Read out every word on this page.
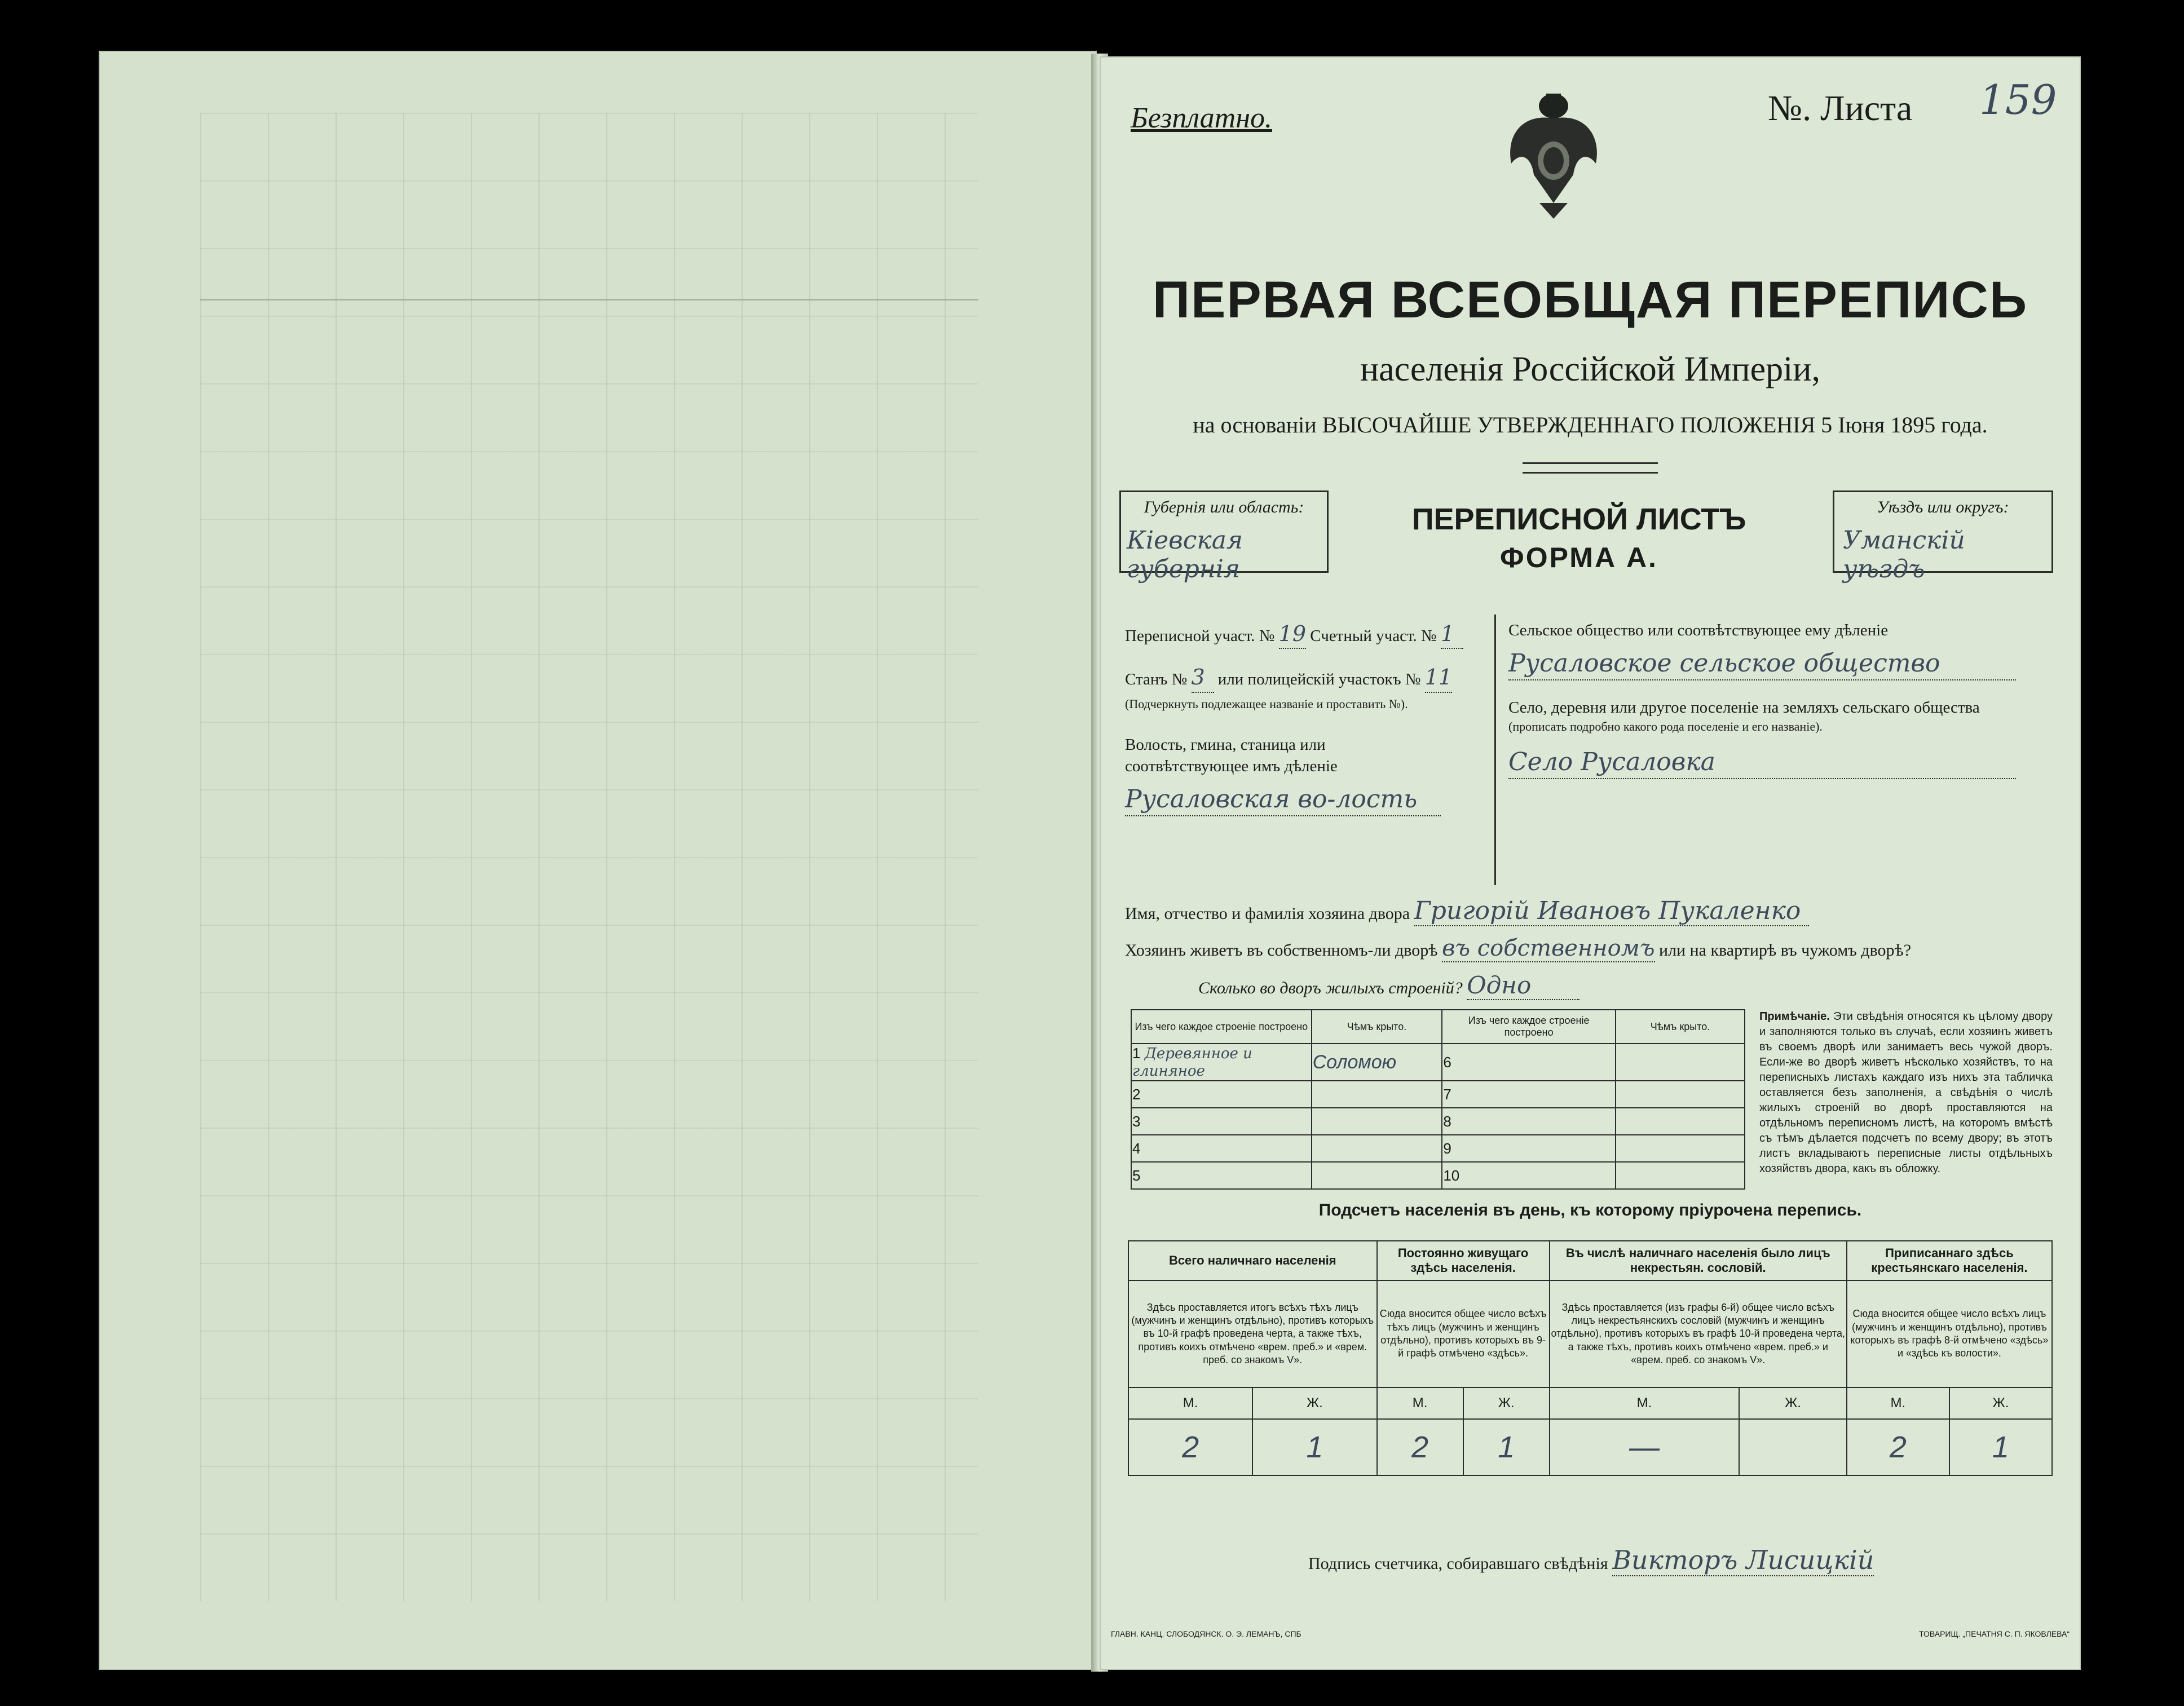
Безплатно.	№. Листа 159
ПЕРВАЯ ВСЕОБЩАЯ ПЕРЕПИСЬ
населенія Россійской Имперіи,
на основаніи ВЫСОЧАЙШЕ УТВЕРЖДЕННАГО ПОЛОЖЕНІЯ 5 Іюня 1895 года.
Губернія или область:
Кіевская губернія
ПЕРЕПИСНОЙ ЛИСТЪ
ФОРМА А.
Уѣздъ или округъ:
Уманскій уѣздъ
Переписной участ. № 19 Счетный участ. № 1
Станъ № 3 или полицейскій участокъ № 11
(Подчеркнуть подлежащее названіе и проставить №).
Волость, гмина, станица или соотвѣтствующее имъ дѣленіе
Русаловская во-лость
Сельское общество или соотвѣтствующее ему дѣленіе
Русаловское сельское общество
Село, деревня или другое поселеніе на земляхъ сельскаго общества
(прописать подробно какого рода поселеніе и его названіе).
Село Русаловка
Имя, отчество и фамилія хозяина двора Григорій Ивановъ Пукаленко
Хозяинъ живетъ въ собственномъ-ли дворѣ въ собственномъ или на квартирѣ въ чужомъ дворѣ?
Сколько во дворъ жилыхъ строеній? Одно
Изъ чего каждое строеніе построено	Чѣмъ крыто.	Изъ чего каждое строеніе построено	Чѣмъ крыто.
1 Деревянное и глиняное	Соломою	6	
2		7	
3		8	
4		9	
5		10	
Примѣчаніе. Эти свѣдѣнія относятся къ цѣлому двору и заполняются только въ случаѣ, если хозяинъ живетъ въ своемъ дворѣ или занимаетъ весь чужой дворъ. Если-же во дворѣ живетъ нѣсколько хозяйствъ, то на переписныхъ листахъ каждаго изъ нихъ эта табличка оставляется безъ заполненія, а свѣдѣнія о числѣ жилыхъ строеній во дворѣ проставляются на отдѣльномъ переписномъ листѣ, на которомъ вмѣстѣ съ тѣмъ дѣлается подсчетъ по всему двору; въ этотъ листъ вкладываютъ переписные листы отдѣльныхъ хозяйствъ двора, какъ въ обложку.
Подсчетъ населенія въ день, къ которому пріурочена перепись.
Всего наличнаго населенія		Постоянно живущаго здѣсь населенія.		Въ числѣ наличнаго населенія было лицъ некрестьян. сословій.		Приписаннаго здѣсь крестьянскаго населенія.	
Здѣсь проставляется итогъ всѣхъ тѣхъ лицъ (мужчинъ и женщинъ отдѣльно), противъ которыхъ въ 10-й графѣ проведена черта, а также тѣхъ, противъ коихъ отмѣчено «врем. преб.» и «врем. преб. со знакомъ V».		Сюда вносится общее число всѣхъ тѣхъ лицъ (мужчинъ и женщинъ отдѣльно), противъ которыхъ въ 9-й графѣ отмѣчено «здѣсь».		Здѣсь проставляется (изъ графы 6-й) общее число всѣхъ лицъ некрестьянскихъ сословій (мужчинъ и женщинъ отдѣльно), противъ которыхъ въ графѣ 10-й проведена черта, а также тѣхъ, противъ коихъ отмѣчено «врем. преб.» и «врем. преб. со знакомъ V».		Сюда вносится общее число всѣхъ лицъ (мужчинъ и женщинъ отдѣльно), противъ которыхъ въ графѣ 8-й отмѣчено «здѣсь» и «здѣсь къ волости».	
М.	Ж.	М.	Ж.	М.	Ж.	М.	Ж.
2	1	2	1	—		2	1
Подпись счетчика, собиравшаго свѣдѣнія Викторъ Лисицкій
ГЛАВН. КАНЦ. СЛОБОДЯНСК. О. Э. ЛЕМАНЪ, СПБ	ТОВАРИЩ. „ПЕЧАТНЯ С. П. ЯКОВЛЕВА“
